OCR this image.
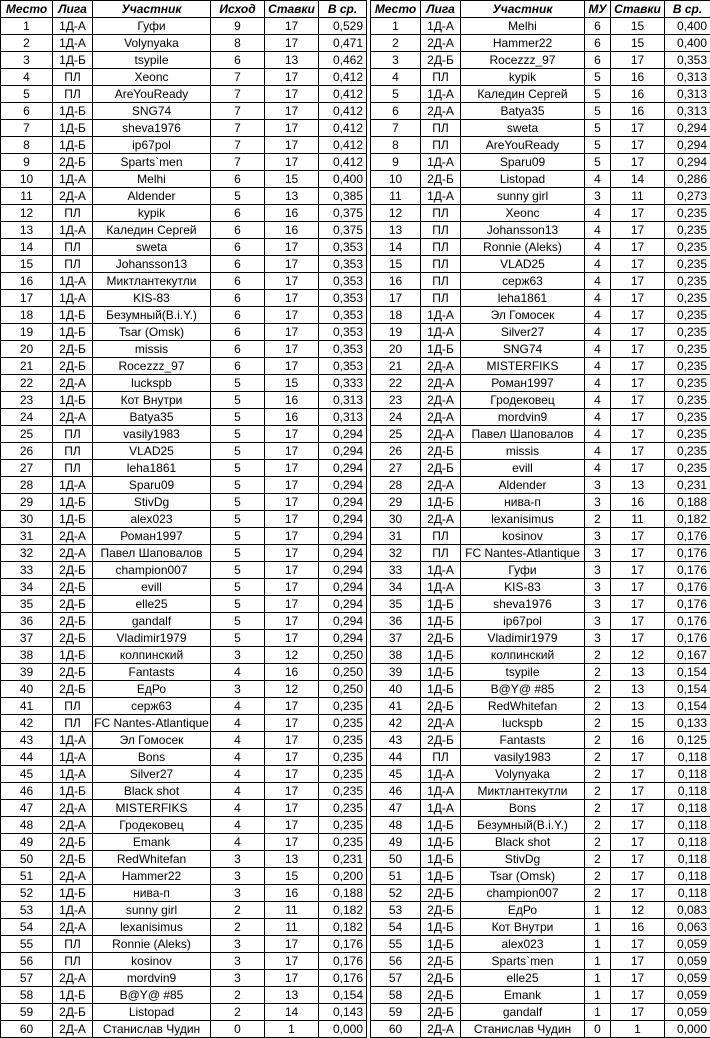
Место	Лига	Участник	Исход	Ставки	В ср.
1	1Д-А	Гуфи	9	17	0,529
2	1Д-А	Volynyaka	8	17	0,471
3	1Д-Б	tsypile	6	13	0,462
4	ПЛ	Xeonc	7	17	0,412
5	ПЛ	AreYouReady	7	17	0,412
6	1Д-Б	SNG74	7	17	0,412
7	1Д-Б	sheva1976	7	17	0,412
8	1Д-Б	ip67pol	7	17	0,412
9	2Д-Б	Sparts`men	7	17	0,412
10	1Д-А	Melhi	6	15	0,400
11	2Д-А	Aldender	5	13	0,385
12	ПЛ	kypik	6	16	0,375
13	1Д-А	Каледин Сергей	6	16	0,375
14	ПЛ	sweta	6	17	0,353
15	ПЛ	Johansson13	6	17	0,353
16	1Д-А	Миктлантекутли	6	17	0,353
17	1Д-А	KIS-83	6	17	0,353
18	1Д-Б	Безумный(B.i.Y.)	6	17	0,353
19	1Д-Б	Tsar (Omsk)	6	17	0,353
20	2Д-Б	missis	6	17	0,353
21	2Д-Б	Rocezzz_97	6	17	0,353
22	2Д-А	luckspb	5	15	0,333
23	1Д-Б	Кот Внутри	5	16	0,313
24	2Д-А	Batya35	5	16	0,313
25	ПЛ	vasily1983	5	17	0,294
26	ПЛ	VLAD25	5	17	0,294
27	ПЛ	leha1861	5	17	0,294
28	1Д-А	Sparu09	5	17	0,294
29	1Д-Б	StivDg	5	17	0,294
30	1Д-Б	alex023	5	17	0,294
31	2Д-А	Роман1997	5	17	0,294
32	2Д-А	Павел Шаповалов	5	17	0,294
33	2Д-Б	champion007	5	17	0,294
34	2Д-Б	evill	5	17	0,294
35	2Д-Б	elle25	5	17	0,294
36	2Д-Б	gandalf	5	17	0,294
37	2Д-Б	Vladimir1979	5	17	0,294
38	1Д-Б	колпинский	3	12	0,250
39	2Д-Б	Fantasts	4	16	0,250
40	2Д-Б	ЕдРо	3	12	0,250
41	ПЛ	серж63	4	17	0,235
42	ПЛ	FC Nantes-Atlantique	4	17	0,235
43	1Д-А	Эл Гомосек	4	17	0,235
44	1Д-А	Bons	4	17	0,235
45	1Д-А	Silver27	4	17	0,235
46	1Д-Б	Black shot	4	17	0,235
47	2Д-А	MISTERFIKS	4	17	0,235
48	2Д-А	Гродековец	4	17	0,235
49	2Д-Б	Emank	4	17	0,235
50	2Д-Б	RedWhitefan	3	13	0,231
51	2Д-А	Hammer22	3	15	0,200
52	1Д-Б	нива-п	3	16	0,188
53	1Д-А	sunny girl	2	11	0,182
54	2Д-А	lexanisimus	2	11	0,182
55	ПЛ	Ronnie (Aleks)	3	17	0,176
56	ПЛ	kosinov	3	17	0,176
57	2Д-А	mordvin9	3	17	0,176
58	1Д-Б	B@Y@ #85	2	13	0,154
59	2Д-Б	Listopad	2	14	0,143
60	2Д-А	Станислав Чудин	0	1	0,000
Место	Лига	Участник	МУ	Ставки	В ср.
1	1Д-А	Melhi	6	15	0,400
2	2Д-А	Hammer22	6	15	0,400
3	2Д-Б	Rocezzz_97	6	17	0,353
4	ПЛ	kypik	5	16	0,313
5	1Д-А	Каледин Сергей	5	16	0,313
6	2Д-А	Batya35	5	16	0,313
7	ПЛ	sweta	5	17	0,294
8	ПЛ	AreYouReady	5	17	0,294
9	1Д-А	Sparu09	5	17	0,294
10	2Д-Б	Listopad	4	14	0,286
11	1Д-А	sunny girl	3	11	0,273
12	ПЛ	Xeonc	4	17	0,235
13	ПЛ	Johansson13	4	17	0,235
14	ПЛ	Ronnie (Aleks)	4	17	0,235
15	ПЛ	VLAD25	4	17	0,235
16	ПЛ	серж63	4	17	0,235
17	ПЛ	leha1861	4	17	0,235
18	1Д-А	Эл Гомосек	4	17	0,235
19	1Д-А	Silver27	4	17	0,235
20	1Д-Б	SNG74	4	17	0,235
21	2Д-А	MISTERFIKS	4	17	0,235
22	2Д-А	Роман1997	4	17	0,235
23	2Д-А	Гродековец	4	17	0,235
24	2Д-А	mordvin9	4	17	0,235
25	2Д-А	Павел Шаповалов	4	17	0,235
26	2Д-Б	missis	4	17	0,235
27	2Д-Б	evill	4	17	0,235
28	2Д-А	Aldender	3	13	0,231
29	1Д-Б	нива-п	3	16	0,188
30	2Д-А	lexanisimus	2	11	0,182
31	ПЛ	kosinov	3	17	0,176
32	ПЛ	FC Nantes-Atlantique	3	17	0,176
33	1Д-А	Гуфи	3	17	0,176
34	1Д-А	KIS-83	3	17	0,176
35	1Д-Б	sheva1976	3	17	0,176
36	1Д-Б	ip67pol	3	17	0,176
37	2Д-Б	Vladimir1979	3	17	0,176
38	1Д-Б	колпинский	2	12	0,167
39	1Д-Б	tsypile	2	13	0,154
40	1Д-Б	B@Y@ #85	2	13	0,154
41	2Д-Б	RedWhitefan	2	13	0,154
42	2Д-А	luckspb	2	15	0,133
43	2Д-Б	Fantasts	2	16	0,125
44	ПЛ	vasily1983	2	17	0,118
45	1Д-А	Volynyaka	2	17	0,118
46	1Д-А	Миктлантекутли	2	17	0,118
47	1Д-А	Bons	2	17	0,118
48	1Д-Б	Безумный(B.i.Y.)	2	17	0,118
49	1Д-Б	Black shot	2	17	0,118
50	1Д-Б	StivDg	2	17	0,118
51	1Д-Б	Tsar (Omsk)	2	17	0,118
52	2Д-Б	champion007	2	17	0,118
53	2Д-Б	ЕдРо	1	12	0,083
54	1Д-Б	Кот Внутри	1	16	0,063
55	1Д-Б	alex023	1	17	0,059
56	2Д-Б	Sparts`men	1	17	0,059
57	2Д-Б	elle25	1	17	0,059
58	2Д-Б	Emank	1	17	0,059
59	2Д-Б	gandalf	1	17	0,059
60	2Д-А	Станислав Чудин	0	1	0,000
